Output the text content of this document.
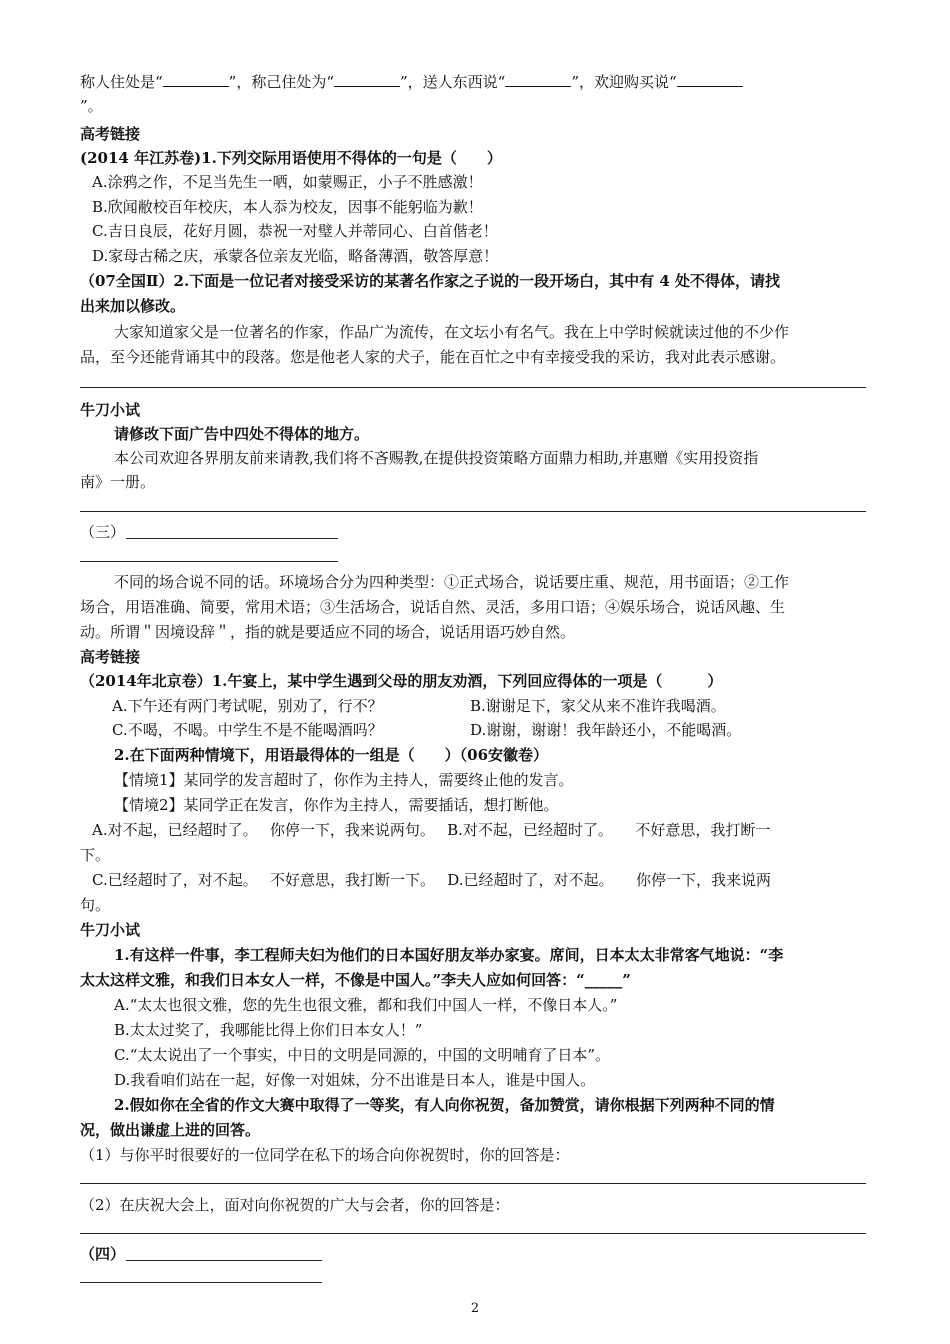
称人住处是“	”，称己住处为“	”，送人东西说“	”，欢迎购买说“
”。
高考链接
(2014 年江苏卷)1.下列交际用语使用不得体的一句是（　　）
A.涂鸦之作，不足当先生一哂，如蒙赐正，小子不胜感激！
B.欣闻敝校百年校庆，本人忝为校友，因事不能躬临为歉！
C.吉日良辰，花好月圆，恭祝一对璧人并蒂同心、白首偕老！
D.家母古稀之庆，承蒙各位亲友光临，略备薄酒，敬答厚意！
（07全国Ⅱ）2.下面是一位记者对接受采访的某著名作家之子说的一段开场白，其中有 4 处不得体，请找
出来加以修改。
大家知道家父是一位著名的作家，作品广为流传，在文坛小有名气。我在上中学时候就读过他的不少作
品，至今还能背诵其中的段落。您是他老人家的犬子，能在百忙之中有幸接受我的采访，我对此表示感谢。
牛刀小试
请修改下面广告中四处不得体的地方。
本公司欢迎各界朋友前来请教,我们将不吝赐教,在提供投资策略方面鼎力相助,并惠赠《实用投资指
南》一册。
（三）
不同的场合说不同的话。环境场合分为四种类型：①正式场合，说话要庄重、规范，用书面语；②工作
场合，用语准确、简要，常用术语；③生活场合，说话自然、灵活，多用口语；④娱乐场合，说话风趣、生
动。所谓＂因境设辞＂，指的就是要适应不同的场合，说话用语巧妙自然。
高考链接
（2014年北京卷）1.午宴上，某中学生遇到父母的朋友劝酒，下列回应得体的一项是（　　　）
A.下午还有两门考试呢，别劝了，行不？	B.谢谢足下，家父从来不准许我喝酒。
C.不喝，不喝。中学生不是不能喝酒吗？	D.谢谢，谢谢！我年龄还小，不能喝酒。
2.在下面两种情境下，用语最得体的一组是（　　）（06安徽卷）
【情境1】某同学的发言超时了，你作为主持人，需要终止他的发言。
【情境2】某同学正在发言，你作为主持人，需要插话，想打断他。
A.对不起，已经超时了。　 你停一下，我来说两句。　 B.对不起，已经超时了。　　不好意思，我打断一
下。
C.已经超时了，对不起。　 不好意思，我打断一下。　 D.已经超时了，对不起。　　你停一下，我来说两
句。
牛刀小试
1.有这样一件事，李工程师夫妇为他们的日本国好朋友举办家宴。席间，日本太太非常客气地说：“李
太太这样文雅，和我们日本女人一样，不像是中国人。”李夫人应如何回答：“_____”
A.“太太也很文雅，您的先生也很文雅，都和我们中国人一样，不像日本人。”
B.太太过奖了，我哪能比得上你们日本女人！”
C.“太太说出了一个事实，中日的文明是同源的，中国的文明哺育了日本”。
D.我看咱们站在一起，好像一对姐妹，分不出谁是日本人，谁是中国人。
2.假如你在全省的作文大赛中取得了一等奖，有人向你祝贺，备加赞赏，请你根据下列两种不同的情
况，做出谦虚上进的回答。
（1）与你平时很要好的一位同学在私下的场合向你祝贺时，你的回答是：
（2）在庆祝大会上，面对向你祝贺的广大与会者，你的回答是：
（四）
2
